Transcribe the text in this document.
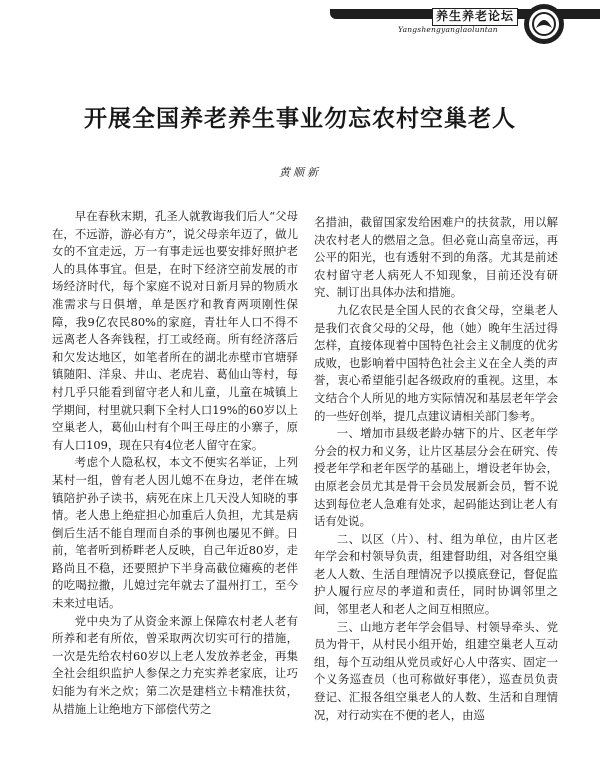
养生养老论坛
Yangshengyanglaoluntan
开展全国养老养生事业勿忘农村空巢老人
黄顺新

早在春秋末期，孔圣人就教诲我们后人“父母在，不远游，游必有方”，说父母亲年迈了，做儿女的不宜走远，万一有事走远也要安排好照护老人的具体事宜。但是，在时下经济空前发展的市场经济时代，每个家庭不说对日新月异的物质水准需求与日俱增，单是医疗和教育两项刚性保障，我9亿农民80%的家庭，青壮年人口不得不远离老人各奔钱程，打工或经商。所有经济落后和欠发达地区，如笔者所在的湖北赤壁市官塘驿镇随阳、洋泉、井山、老虎岩、葛仙山等村，每村几乎只能看到留守老人和儿童，儿童在城镇上学期间，村里就只剩下全村人口19%的60岁以上空巢老人，葛仙山村有个叫王母庄的小寨子，原有人口109，现在只有4位老人留守在家。

考虑个人隐私权，本文不便实名举证，上列某村一组，曾有老人因儿媳不在身边，老伴在城镇陪护孙子读书，病死在床上几天没人知晓的事情。老人患上绝症担心加重后人负担，尤其是病倒后生活不能自理而自杀的事例也屡见不鲜。日前，笔者听到桥畔老人反映，自己年近80岁，走路尚且不稳，还要照护下半身高截位瘫痪的老伴的吃喝拉撒，儿媳过完年就去了温州打工，至今未来过电话。

党中央为了从资金来源上保障农村老人老有所养和老有所依，曾采取两次切实可行的措施，一次是先给农村60岁以上老人发放养老金，再集全社会组织监护人参保之力充实养老家底，让巧妇能为有米之炊；第二次是建档立卡精准扶贫，从措施上让绝地方下部偿代劳之

名措油，截留国家发给困难户的扶贫款，用以解决农村老人的燃眉之急。但必竟山高皇帝远，再公平的阳光，也有透射不到的角落。尤其是前述农村留守老人病死人不知现象，目前还没有研究、制订出具体办法和措施。

九亿农民是全国人民的衣食父母，空巢老人是我们衣食父母的父母，他（她）晚年生活过得怎样，直接体现着中国特色社会主义制度的优劣成败，也影响着中国特色社会主义在全人类的声誉，衷心希望能引起各级政府的重视。这里，本文结合个人所见的地方实际情况和基层老年学会的一些好创举，提几点建议请相关部门参考。

一、增加市县级老龄办辖下的片、区老年学分会的权力和义务，让片区基层分会在研究、传授老年学和老年医学的基础上，增设老年协会，由原老会员尤其是骨干会员发展新会员，暂不说达到每位老人急难有处求，起码能达到让老人有话有处说。

二、以区（片）、村、组为单位，由片区老年学会和村领导负责，组建督助组，对各组空巢老人人数、生活自理情况予以摸底登记，督促监护人履行应尽的孝道和责任，同时协调邻里之间，邻里老人和老人之间互相照应。

三、山地方老年学会倡导、村领导牵头、党员为骨干，从村民小组开始，组建空巢老人互动组，每个互动组从党员或好心人中落实、固定一个义务巡查员（也可称做好事佬），巡查员负责登记、汇报各组空巢老人的人数、生活和自理情况，对行动实在不便的老人，由巡
